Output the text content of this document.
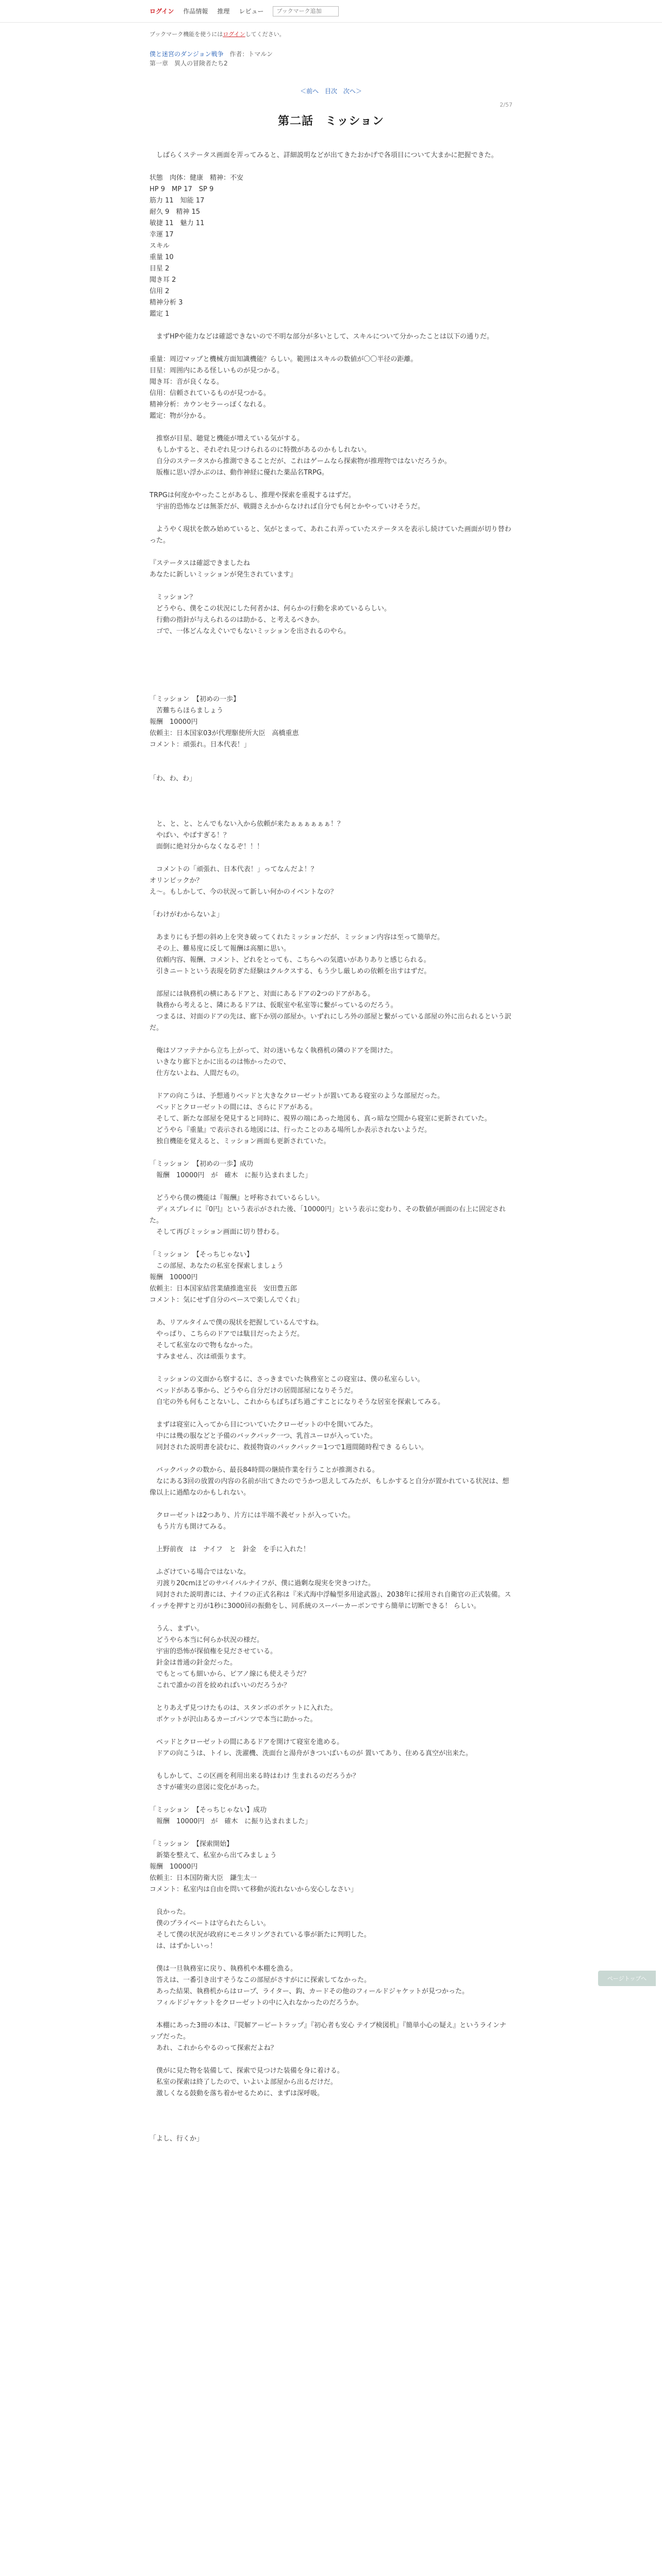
ログイン 作品情報 推理 レビュー
ブックマーク追加
ブックマーク機能を使うにはログインしてください。
僕と迷宮のダンジョン戦争 作者：トマルン
第一章　異人の冒険者たち2
＜前へ 目次 次へ＞
2/57
第二話　ミッション

　しばらくステータス画面を弄ってみると、詳細説明などが出てきたおかげで各項目について大まかに把握できた。

状態　肉体：健康　精神：不安

HP 9　MP 17　SP 9

筋力 11　知能 17

耐久 9　精神 15

敏捷 11　魅力 11

幸運 17

スキル

重量 10

目星 2

聞き耳 2

信用 2

精神分析 3

鑑定 1

　まずHPや能力などは確認できないので不明な部分が多いとして、スキルについて分かったことは以下の通りだ。

重量：周辺マップと機械方面知識機能？らしい。範囲はスキルの数値が〇〇半径の距離。

目星：周囲内にある怪しいものが見つかる。

聞き耳：音が良くなる。

信用：信頼されているものが見つかる。

精神分析：カウンセラーっぽくなれる。

鑑定：物が分かる。

　推察が目星、聴覚と機能が増えている気がする。

　もしかすると、それぞれ見つけられるのに特徴があるのかもしれない。

　自分のステータスから推測できることだが、これはゲームなら探索物が推理物ではないだろうか。

　版権に思い浮かぶのは、動作神経に優れた薬品名TRPG。

TRPGは何度かやったことがあるし、推理や探索を重視するはずだ。

　宇宙的恐怖などは無茶だが、戦闘さえかからなければ自分でも何とかやっていけそうだ。

　ようやく現状を飲み始めていると、気がとまって、あれこれ弄っていたステータスを表示し続けていた画面が切り替わった。

『ステータスは確認できましたね

あなたに新しいミッションが発生されています』

　ミッション？

　どうやら、僕をこの状況にした何者かは、何らかの行動を求めているらしい。

　行動の指針が与えられるのは助かる、と考えるべきか。

　ゴで、一体どんなえぐいでもないミッションを出されるのやら。

「ミッション　【初めの一歩】

　苦難ちらほらましょう

報酬　10000円

依頼主：日本国家03が代理駆使所大臣　高橋重恵

コメント：頑張れ。日本代表！」

「わ、わ、わ」

　と、と、と、とんでもない入から依頼が来たぁぁぁぁぁぁ！？

　やばい、やばすぎる！？

　面倒に絶対分からなくなるぞ！！！

　コメントの「頑張れ、日本代表！」ってなんだよ！？

オリンピックか？

え〜。もしかして、今の状況って新しい何かのイベントなの？

「わけがわからないよ」

　あまりにも予想の斜め上を突き破ってくれたミッションだが、ミッション内容は至って簡単だ。

　その上、難易度に反して報酬は高額に思い。

　依頼内容、報酬、コメント、どれをとっても、こちらへの気遣いがありありと感じられる。

　引きニートという表現を防ぎた経験はクルクスする、もう少し厳しめの依頼を出すはずだ。

　部屋には執務机の横にあるドアと、対面にあるドアの2つのドアがある。

　執務から考えると、隣にあるドアは、仮眠室や私室等に繋がっているのだろう。

　つまるは、対面のドアの先は、廊下か別の部屋か。いずれにしろ外の部屋と繋がっている部屋の外に出られるという訳だ。

　俺はソファテナから立ち上がって、対の迷いもなく執務机の隣のドアを開けた。

　いきなり廊下とかに出るのは怖かったので、

　仕方ないよね、人間だもの。

　ドアの向こうは、予想通りベッドと大きなクローゼットが置いてある寝室のような部屋だった。

　ベッドとクローゼットの間には、さらにドアがある。

　そして、新たな部屋を発見すると同時に、視界の端にあった地図も、真っ暗な空間から寝室に更新されていた。

　どうやら『重量』で表示される地図には、行ったことのある場所しか表示されないようだ。

　独自機能を覚えると、ミッション画面も更新されていた。

「ミッション　【初めの一歩】成功

　報酬　10000円　が　確木　に振り込まれました」

　どうやら僕の機能は『報酬』と呼称されているらしい。

　ディスプレイに『0円』という表示がされた後、「10000円」という表示に変わり、その数値が画面の右上に固定された。

　そして再びミッション画面に切り替わる。

「ミッション　【そっちじゃない】

　この部屋、あなたの私室を探索しましょう

報酬　10000円

依頼主：日本国家結営業績推進室長　安田豊五郎

コメント：気にせず自分のペースで楽しんでくれ」

　あ、リアルタイムで僕の現状を把握しているんですね。

　やっぱり、こちらのドアでは駄目だったようだ。

　そして私室なので物もなかった。

　すみません、次は頑張ります。

　ミッションの文面から察するに、さっきまでいた執務室とこの寝室は、僕の私室らしい。

　ベッドがある事から、どうやら自分だけの居間部屋になりそうだ。

　自宅の外も何もことないし、これからもぼちぼち過ごすことになりそうな居室を探索してみる。

　まずは寝室に入ってから目についていたクローゼットの中を開いてみた。

　中には幾の服などと予備のバックパック一つ、乳首ユーロが入っていた。

　同封された説明書を読むに、救援物資のバックパック＝1つで1週間随時程でき るらしい。

　バックパックの数から、最長84時間の継続作業を行うことが推測される。

　なにある3回の放置の内容の名前が出てきたのでうかつ思えしてみたが、もしかすると自分が置かれている状況は、想像以上に過酷なのかもしれない。

　クローゼットは2つあり、片方には半端不義ゼットが入っていた。

　もう片方も開けてみる。

　上野前夜　は　ナイフ　と　針金　を手に入れた！

　ふざけている場合ではないな。

　刃渡り20cmほどのサバイバルナイフが、僕に過剰な現実を突きつけた。

　同封された説明書には、ナイフの正式名称は『米式海中浮輪型多用途武器』、2038年に採用され自衛官の正式装備。スイッチを押すと刃が1秒に3000回の振動をし、同系統のスーパーカーボンですら簡単に切断できる！ らしい。

　うん、まずい。

　どうやら本当に何らか状況の様だ。

　宇宙的恐怖が探偵権を見ださせている。

　針金は普通の針金だった。

　でもとっても細いから、ピアノ線にも使えそうだ？

　これで誰かの首を絞めればいいのだろうか？

　とりあえず見つけたものは、スタンポのポケットに入れた。

　ポケットが沢山あるカーゴパンツで本当に助かった。

　ベッドとクローゼットの間にあるドアを開けて寝室を進める。

　ドアの向こうは、トイレ、洗濯機、洗面台と湯舟がきついばいものが 置いてあり、住める真空が出来た。

　もしかして、この区画を利用出来る時はわけ 生まれるのだろうか？

　さすが確実の意図に変化があった。

「ミッション　【そっちじゃない】成功

　報酬　10000円　が　確木　に振り込まれました」

「ミッション　【探索開始】

　新築を整えて、私室から出てみましょう

報酬　10000円

依頼主：日本国防衛大臣　鎌生太一

コメント：私室内は自由を問いて移動が流れないから安心しなさい」

　良かった。

　僕のプライベートは守られたらしい。

　そして僕の状況が政府にモニタリングされている事が新たに判明した。

　は、はずかしいっ！

　僕は一旦執務室に戻り、執務机や本棚を漁る。

　答えは、一番引き出すそうなこの部屋がさすがにに探索してなかった。

　あった結果、執務机からはロープ、ライター、鈎、カードその他のフィールドジャケットが見つかった。

　フィルドジャケットをクローゼットの中に入れなかったのだろうか。

　本棚にあった3冊の本は、『罠解アーピートラップ』『初心者も安心 テイブ検図机』『簡単小心の疑え』というラインナップだった。

　あれ、これからやるのって探索だよね？

　僕がに見た物を装備して、探索で見つけた装備を身に着ける。

　私室の探索は終了したので、いよいよ部屋から出るだけだ。

　激しくなる鼓動を落ち着かせるために、まずは深呼吸。

「よし、行くか」

ページトップへ
